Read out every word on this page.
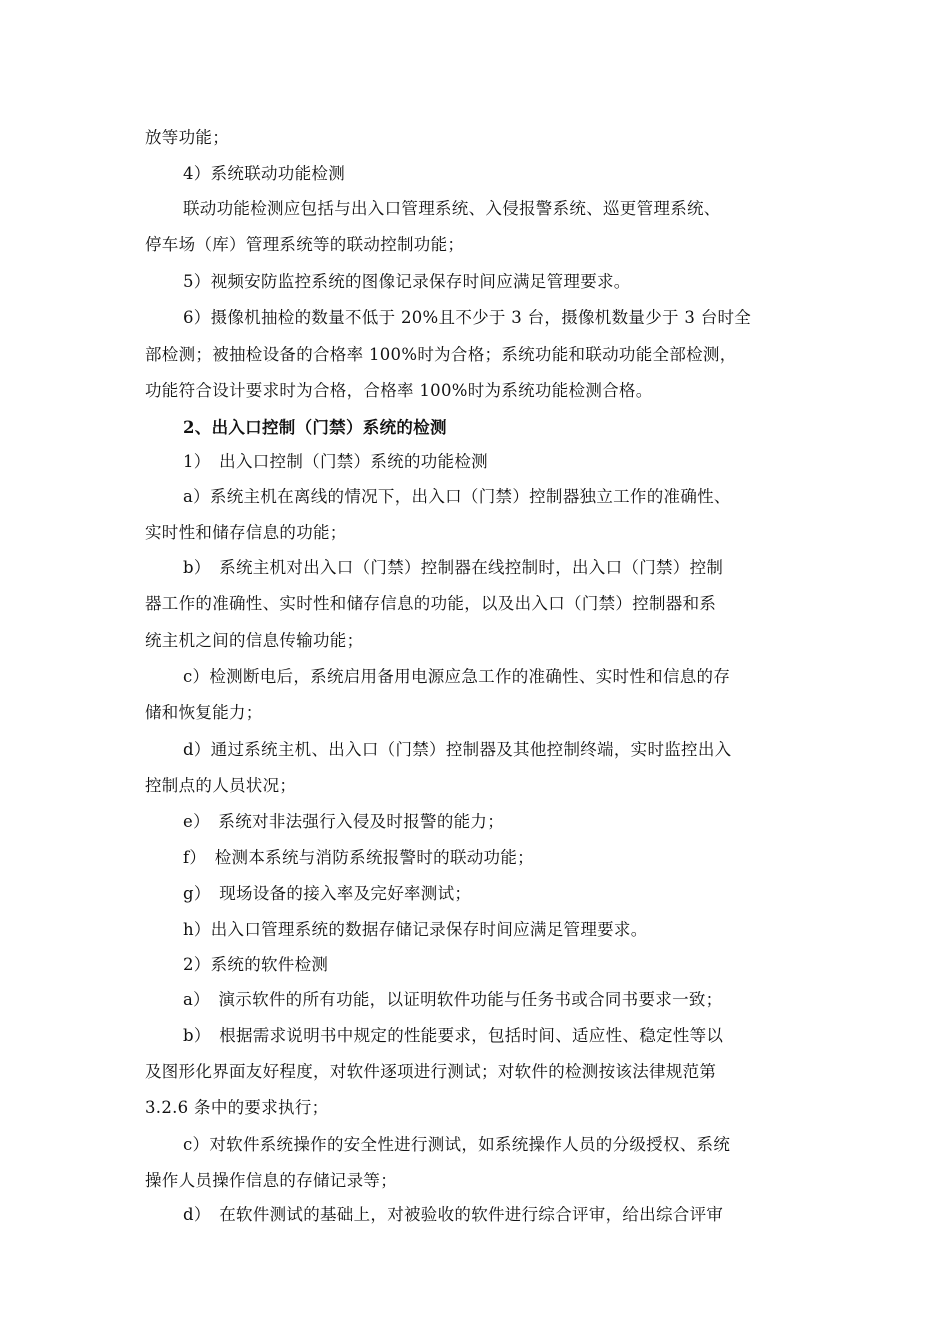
放等功能；
4）系统联动功能检测
联动功能检测应包括与出入口管理系统、入侵报警系统、巡更管理系统、
停车场（库）管理系统等的联动控制功能；
5）视频安防监控系统的图像记录保存时间应满足管理要求。
6）摄像机抽检的数量不低于 20%且不少于 3 台，摄像机数量少于 3 台时全
部检测；被抽检设备的合格率 100%时为合格；系统功能和联动功能全部检测，
功能符合设计要求时为合格，合格率 100%时为系统功能检测合格。
2、出入口控制（门禁）系统的检测
1）　出入口控制（门禁）系统的功能检测
a）系统主机在离线的情况下，出入口（门禁）控制器独立工作的准确性、
实时性和储存信息的功能；
b）　系统主机对出入口（门禁）控制器在线控制时，出入口（门禁）控制
器工作的准确性、实时性和储存信息的功能，以及出入口（门禁）控制器和系
统主机之间的信息传输功能；
c）检测断电后，系统启用备用电源应急工作的准确性、实时性和信息的存
储和恢复能力；
d）通过系统主机、出入口（门禁）控制器及其他控制终端，实时监控出入
控制点的人员状况；
e）　系统对非法强行入侵及时报警的能力；
f）　检测本系统与消防系统报警时的联动功能；
g）　现场设备的接入率及完好率测试；
h）出入口管理系统的数据存储记录保存时间应满足管理要求。
2）系统的软件检测
a）　演示软件的所有功能，以证明软件功能与任务书或合同书要求一致；
b）　根据需求说明书中规定的性能要求，包括时间、适应性、稳定性等以
及图形化界面友好程度，对软件逐项进行测试；对软件的检测按该法律规范第
3.2.6 条中的要求执行；
c）对软件系统操作的安全性进行测试，如系统操作人员的分级授权、系统
操作人员操作信息的存储记录等；
d）　在软件测试的基础上，对被验收的软件进行综合评审，给出综合评审
